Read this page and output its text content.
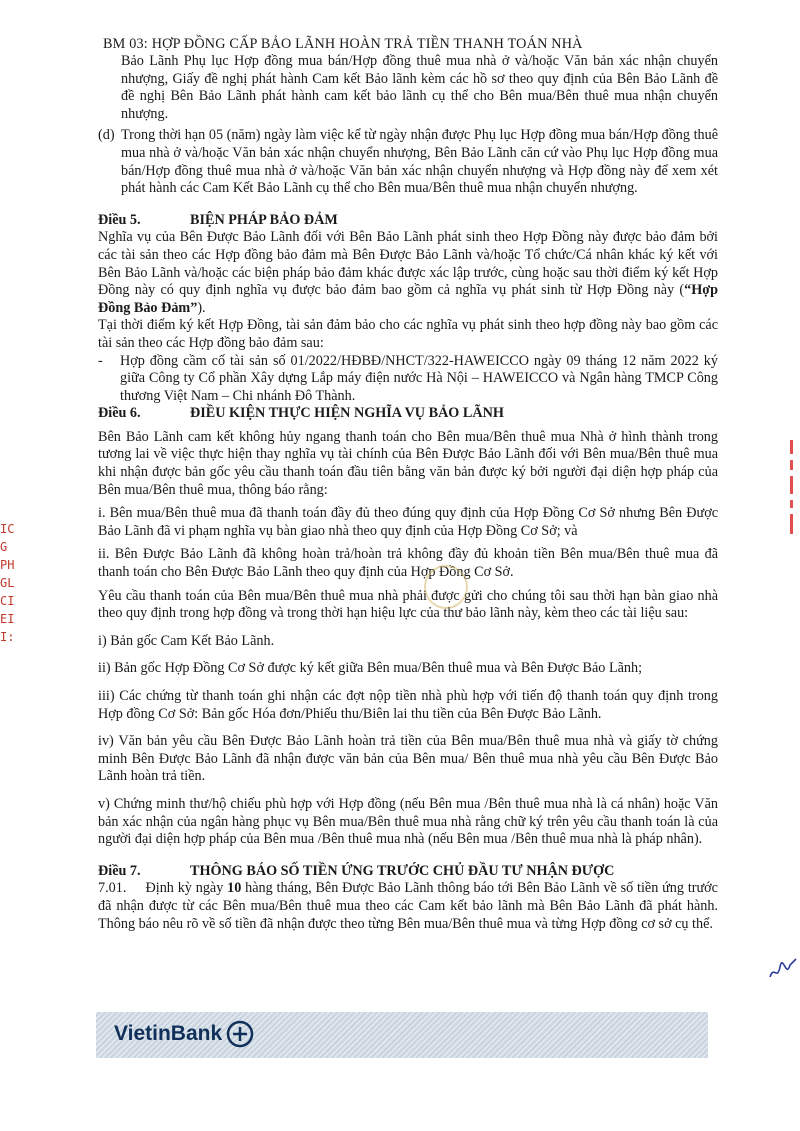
BM 03: HỢP ĐỒNG CẤP BẢO LÃNH HOÀN TRẢ TIỀN THANH TOÁN NHÀ

Bảo Lãnh Phụ lục Hợp đồng mua bán/Hợp đồng thuê mua nhà ở và/hoặc Văn bản xác nhận chuyển nhượng, Giấy đề nghị phát hành Cam kết Bảo lãnh kèm các hồ sơ theo quy định của Bên Bảo Lãnh đề đề nghị Bên Bảo Lãnh phát hành cam kết bảo lãnh cụ thể cho Bên mua/Bên thuê mua nhận chuyển nhượng.

(d) Trong thời hạn 05 (năm) ngày làm việc kể từ ngày nhận được Phụ lục Hợp đồng mua bán/Hợp đồng thuê mua nhà ở và/hoặc Văn bản xác nhận chuyển nhượng, Bên Bảo Lãnh căn cứ vào Phụ lục Hợp đồng mua bán/Hợp đồng thuê mua nhà ở và/hoặc Văn bản xác nhận chuyển nhượng và Hợp đồng này để xem xét phát hành các Cam Kết Bảo Lãnh cụ thể cho Bên mua/Bên thuê mua nhận chuyển nhượng.
Điều 5.	BIỆN PHÁP BẢO ĐẢM

Nghĩa vụ của Bên Được Bảo Lãnh đối với Bên Bảo Lãnh phát sinh theo Hợp Đồng này được bảo đảm bởi các tài sản theo các Hợp đồng bảo đảm mà Bên Được Bảo Lãnh và/hoặc Tổ chức/Cá nhân khác ký kết với Bên Bảo Lãnh và/hoặc các biện pháp bảo đảm khác được xác lập trước, cùng hoặc sau thời điểm ký kết Hợp Đồng này có quy định nghĩa vụ được bảo đảm bao gồm cả nghĩa vụ phát sinh từ Hợp Đồng này (“Hợp Đồng Bảo Đảm”).

Tại thời điểm ký kết Hợp Đồng, tài sản đảm bảo cho các nghĩa vụ phát sinh theo hợp đồng này bao gồm các tài sản theo các Hợp đồng bảo đảm sau:

-	Hợp đồng cầm cố tài sản số 01/2022/HĐBĐ/NHCT/322-HAWEICCO ngày 09 tháng 12 năm 2022 ký giữa Công ty Cổ phần Xây dựng Lắp máy điện nước Hà Nội – HAWEICCO và Ngân hàng TMCP Công thương Việt Nam – Chi nhánh Đô Thành.
Điều 6.	ĐIỀU KIỆN THỰC HIỆN NGHĨA VỤ BẢO LÃNH

Bên Bảo Lãnh cam kết không hủy ngang thanh toán cho Bên mua/Bên thuê mua Nhà ở hình thành trong tương lai về việc thực hiện thay nghĩa vụ tài chính của Bên Được Bảo Lãnh đối với Bên mua/Bên thuê mua khi nhận được bản gốc yêu cầu thanh toán đầu tiên bằng văn bản được ký bởi người đại diện hợp pháp của Bên mua/Bên thuê mua, thông báo rằng:

i. Bên mua/Bên thuê mua đã thanh toán đầy đủ theo đúng quy định của Hợp Đồng Cơ Sở nhưng Bên Được Bảo Lãnh đã vi phạm nghĩa vụ bàn giao nhà theo quy định của Hợp Đồng Cơ Sở; và

ii. Bên Được Bảo Lãnh đã không hoàn trả/hoàn trả không đầy đủ khoản tiền Bên mua/Bên thuê mua đã thanh toán cho Bên Được Bảo Lãnh theo quy định của Hợp Đồng Cơ Sở.

Yêu cầu thanh toán của Bên mua/Bên thuê mua nhà phải được gửi cho chúng tôi sau thời hạn bàn giao nhà theo quy định trong hợp đồng và trong thời hạn hiệu lực của thư bảo lãnh này, kèm theo các tài liệu sau:

i) Bản gốc Cam Kết Bảo Lãnh.

ii) Bản gốc Hợp Đồng Cơ Sở được ký kết giữa Bên mua/Bên thuê mua và Bên Được Bảo Lãnh;

iii) Các chứng từ thanh toán ghi nhận các đợt nộp tiền nhà phù hợp với tiến độ thanh toán quy định trong Hợp đồng Cơ Sở: Bản gốc Hóa đơn/Phiếu thu/Biên lai thu tiền của Bên Được Bảo Lãnh.

iv) Văn bản yêu cầu Bên Được Bảo Lãnh hoàn trả tiền của Bên mua/Bên thuê mua nhà và giấy tờ chứng minh Bên Được Bảo Lãnh đã nhận được văn bản của Bên mua/ Bên thuê mua nhà yêu cầu Bên Được Bảo Lãnh hoàn trả tiền.

v) Chứng minh thư/hộ chiếu phù hợp với Hợp đồng (nếu Bên mua /Bên thuê mua nhà là cá nhân) hoặc Văn bản xác nhận của ngân hàng phục vụ Bên mua/Bên thuê mua nhà rằng chữ ký trên yêu cầu thanh toán là của người đại diện hợp pháp của Bên mua /Bên thuê mua nhà (nếu Bên mua /Bên thuê mua nhà là pháp nhân).

Điều 7.	THÔNG BÁO SỐ TIỀN ỨNG TRƯỚC CHỦ ĐẦU TƯ NHẬN ĐƯỢC

7.01. Định kỳ ngày 10 hàng tháng, Bên Được Bảo Lãnh thông báo tới Bên Bảo Lãnh về số tiền ứng trước đã nhận được từ các Bên mua/Bên thuê mua theo các Cam kết bảo lãnh mà Bên Bảo Lãnh đã phát hành. Thông báo nêu rõ về số tiền đã nhận được theo từng Bên mua/Bên thuê mua và từng Hợp đồng cơ sở cụ thể.

IC
G
PH
GL
CI
EI
I:
VietinBank
